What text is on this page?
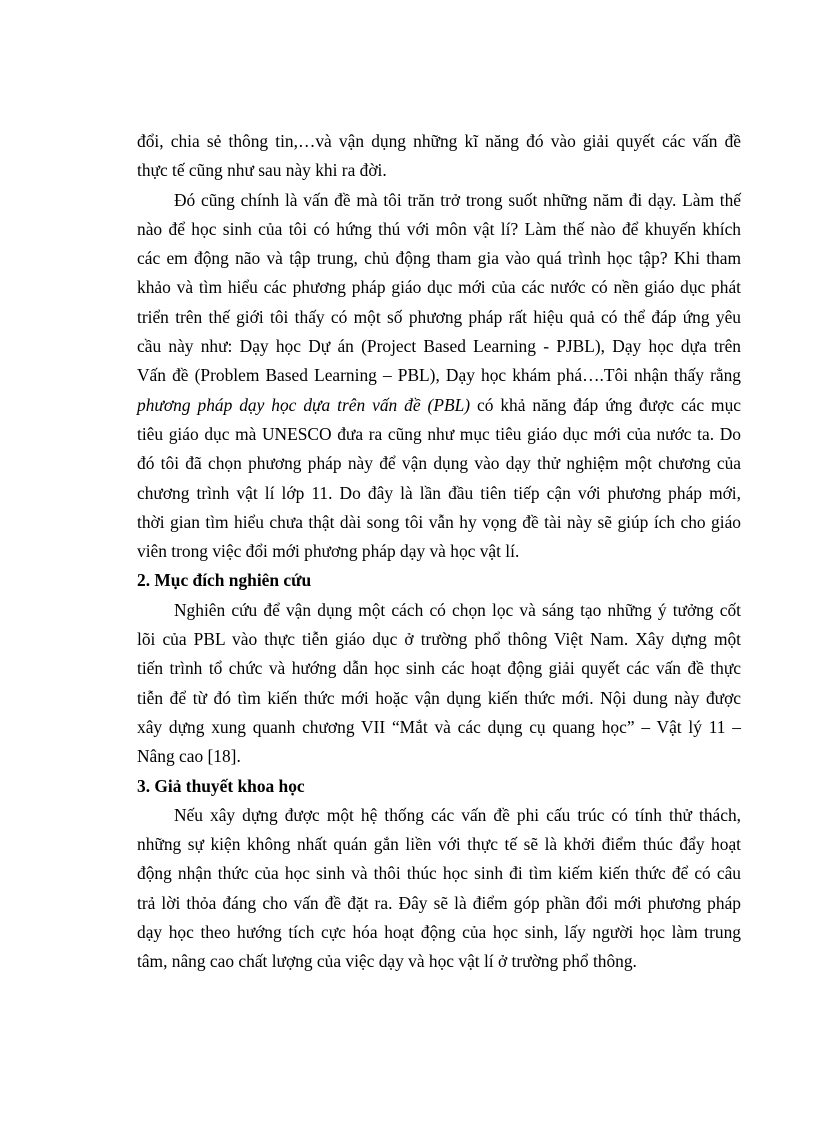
đổi, chia sẻ thông tin,…và vận dụng những kĩ năng đó vào giải quyết các vấn đề
thực tế cũng như sau này khi ra đời.
Đó cũng chính là vấn đề mà tôi trăn trở trong suốt những năm đi dạy. Làm thế
nào để học sinh của tôi có hứng thú với môn vật lí? Làm thế nào để khuyến khích
các em động não và tập trung, chủ động tham gia vào quá trình học tập? Khi tham
khảo và tìm hiểu các phương pháp giáo dục mới của các nước có nền giáo dục phát
triển trên thế giới tôi thấy có một số phương pháp rất hiệu quả có thể đáp ứng yêu
cầu này như: Dạy học Dự án (Project Based Learning - PJBL), Dạy học dựa trên
Vấn đề (Problem Based Learning – PBL), Dạy học khám phá….Tôi nhận thấy rằng
phương pháp dạy học dựa trên vấn đề (PBL) có khả năng đáp ứng được các mục
tiêu giáo dục mà UNESCO đưa ra cũng như mục tiêu giáo dục mới của nước ta. Do
đó tôi đã chọn phương pháp này để vận dụng vào dạy thử nghiệm một chương của
chương trình vật lí lớp 11. Do đây là lần đầu tiên tiếp cận với phương pháp mới,
thời gian tìm hiểu chưa thật dài song tôi vẫn hy vọng đề tài này sẽ giúp ích cho giáo
viên trong việc đổi mới phương pháp dạy và học vật lí.
2. Mục đích nghiên cứu
Nghiên cứu để vận dụng một cách có chọn lọc và sáng tạo những ý tưởng cốt
lõi của PBL vào thực tiễn giáo dục ở trường phổ thông Việt Nam. Xây dựng một
tiến trình tổ chức và hướng dẫn học sinh các hoạt động giải quyết các vấn đề thực
tiễn để từ đó tìm kiến thức mới hoặc vận dụng kiến thức mới. Nội dung này được
xây dựng xung quanh chương VII “Mắt và các dụng cụ quang học” – Vật lý 11 –
Nâng cao [18].
3. Giả thuyết khoa học
Nếu xây dựng được một hệ thống các vấn đề phi cấu trúc có tính thử thách,
những sự kiện không nhất quán gắn liền với thực tế sẽ là khởi điểm thúc đẩy hoạt
động nhận thức của học sinh và thôi thúc học sinh đi tìm kiếm kiến thức để có câu
trả lời thỏa đáng cho vấn đề đặt ra. Đây sẽ là điểm góp phần đổi mới phương pháp
dạy học theo hướng tích cực hóa hoạt động của học sinh, lấy người học làm trung
tâm, nâng cao chất lượng của việc dạy và học vật lí ở trường phổ thông.
